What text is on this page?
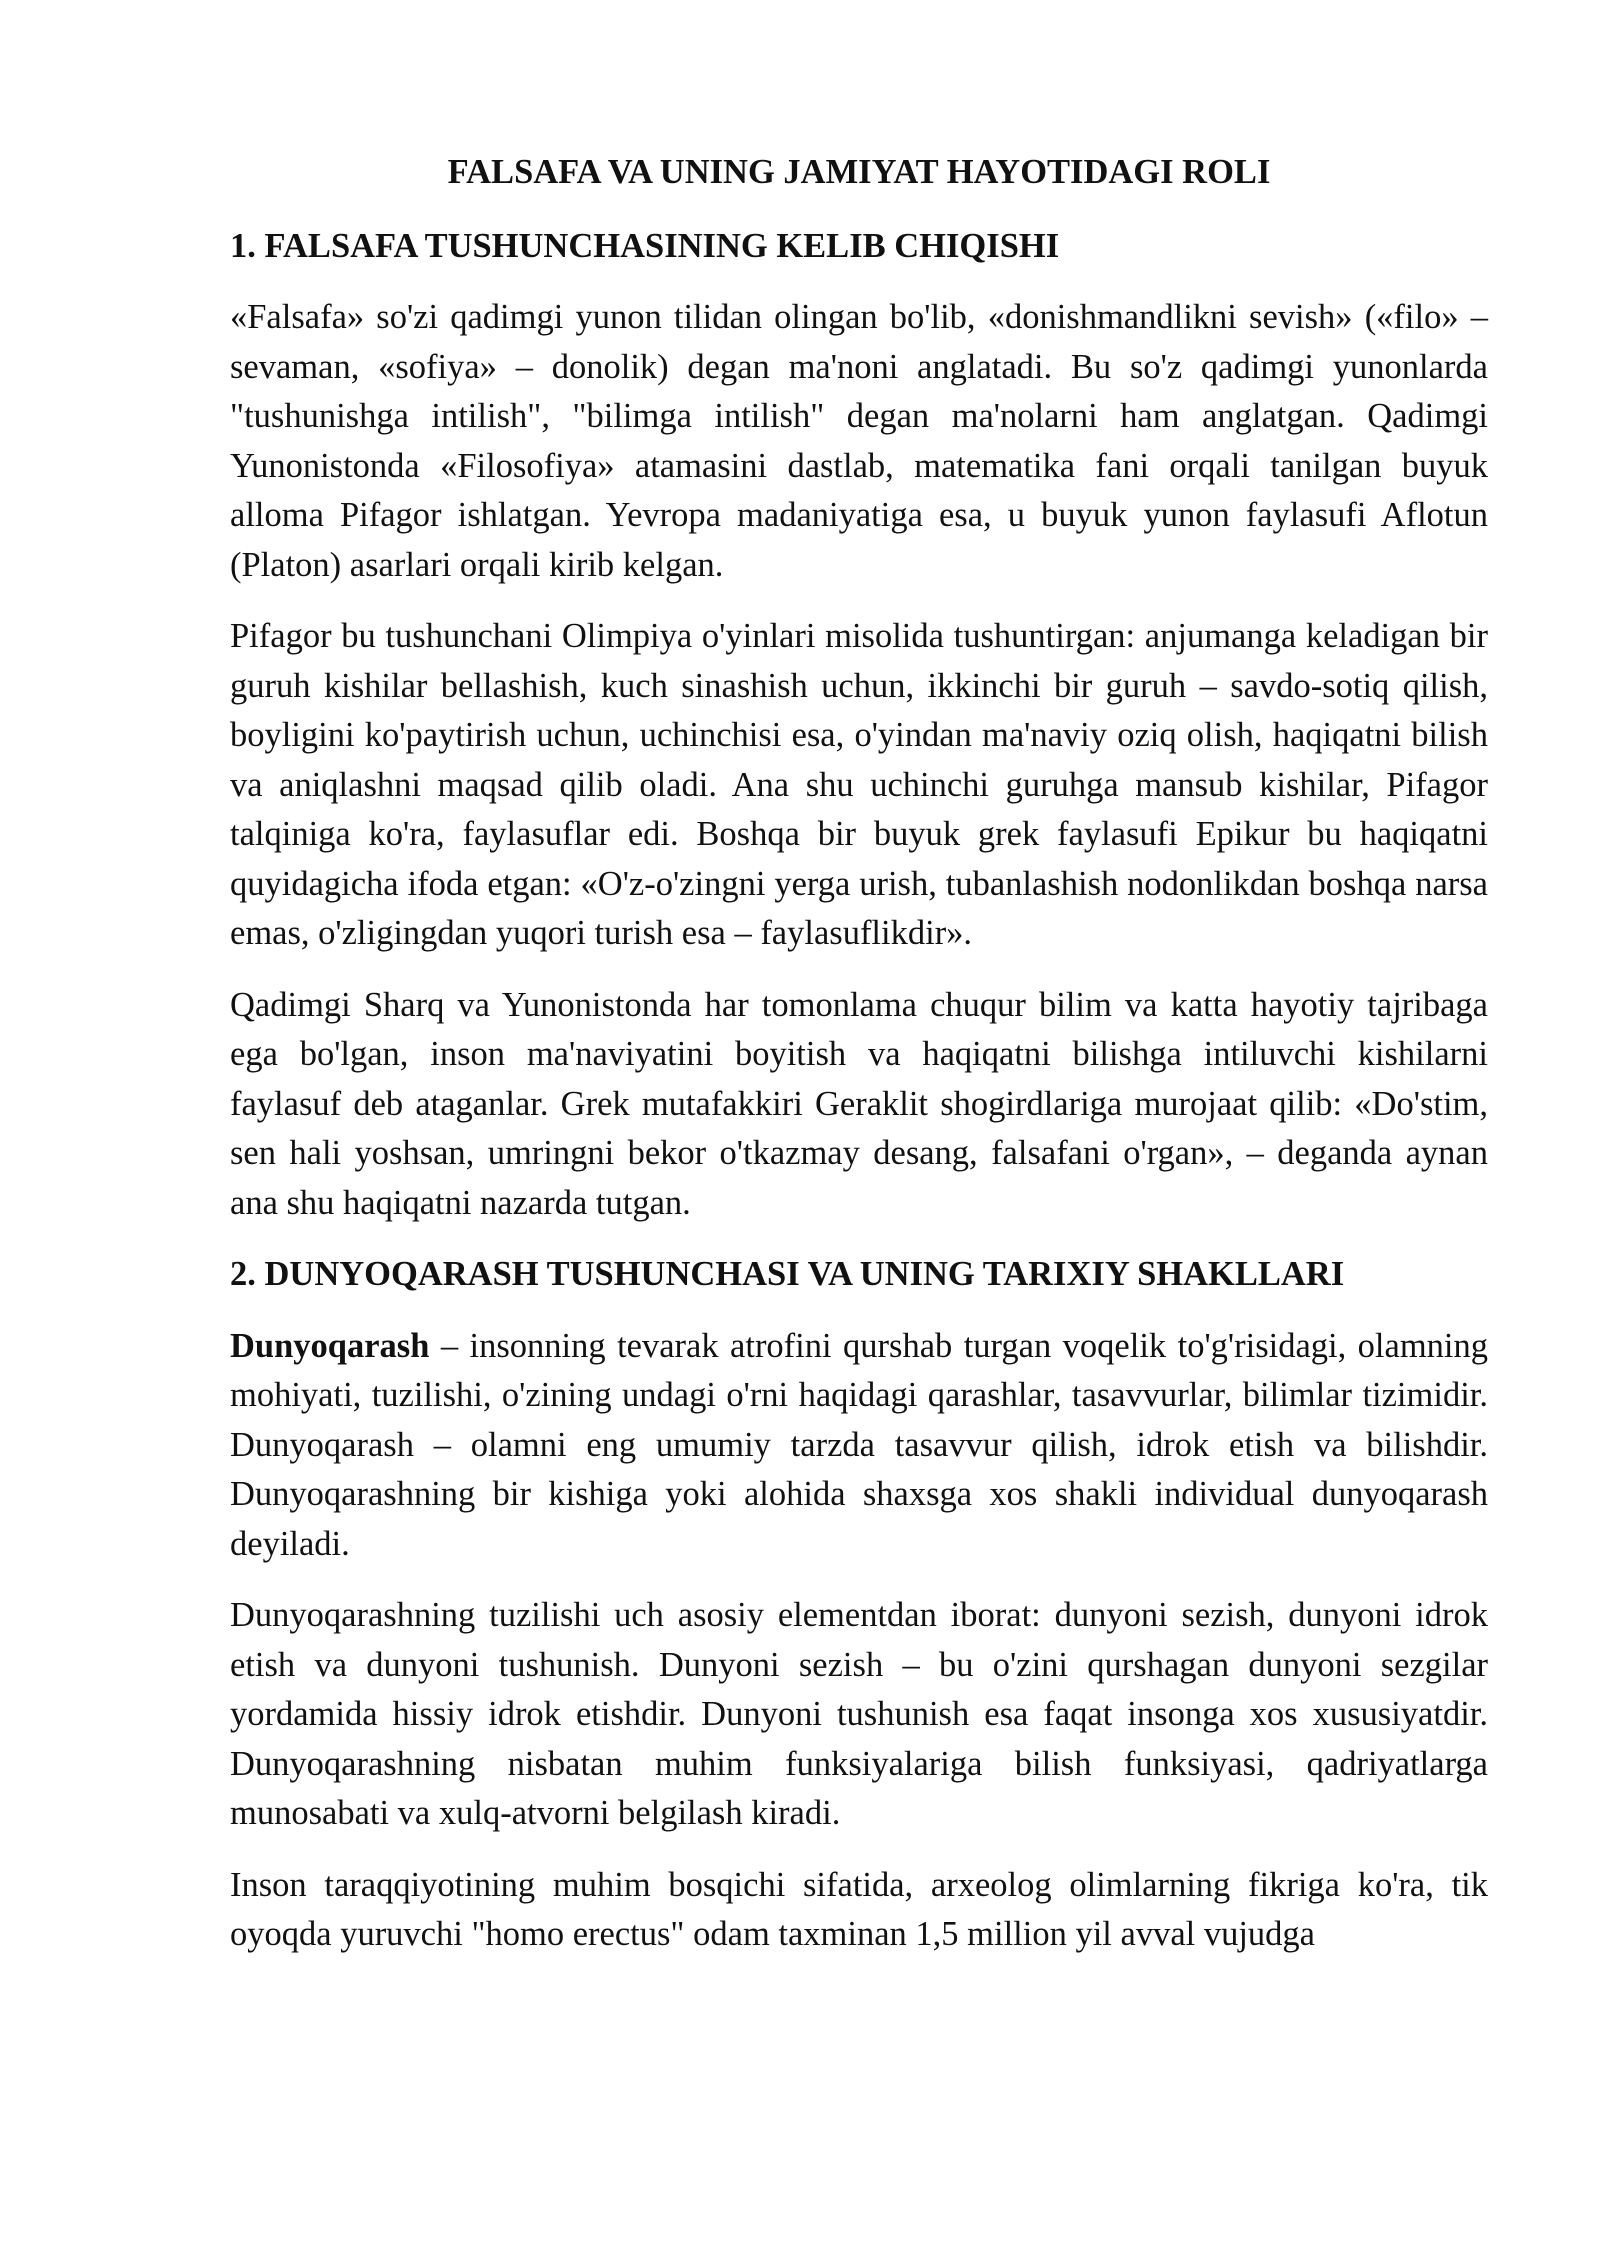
FALSAFA VA UNING JAMIYAT HAYOTIDAGI ROLI
1. FALSAFA TUSHUNCHASINING KELIB CHIQISHI

«Falsafa» so'zi qadimgi yunon tilidan olingan bo'lib, «donishmandlikni sevish» («filo» – sevaman, «sofiya» – donolik) degan ma'noni anglatadi. Bu so'z qadimgi yunonlarda "tushunishga intilish", "bilimga intilish" degan ma'nolarni ham anglatgan. Qadimgi Yunonistonda «Filosofiya» atamasini dastlab, matematika fani orqali tanilgan buyuk alloma Pifagor ishlatgan. Yevropa madaniyatiga esa, u buyuk yunon faylasufi Aflotun (Platon) asarlari orqali kirib kelgan.

Pifagor bu tushunchani Olimpiya o'yinlari misolida tushuntirgan: anjumanga keladigan bir guruh kishilar bellashish, kuch sinashish uchun, ikkinchi bir guruh – savdo-sotiq qilish, boyligini ko'paytirish uchun, uchinchisi esa, o'yindan ma'naviy oziq olish, haqiqatni bilish va aniqlashni maqsad qilib oladi. Ana shu uchinchi guruhga mansub kishilar, Pifagor talqiniga ko'ra, faylasuflar edi. Boshqa bir buyuk grek faylasufi Epikur bu haqiqatni quyidagicha ifoda etgan: «O'z-o'zingni yerga urish, tubanlashish nodonlikdan boshqa narsa emas, o'zligingdan yuqori turish esa – faylasuflikdir».

Qadimgi Sharq va Yunonistonda har tomonlama chuqur bilim va katta hayotiy tajribaga ega bo'lgan, inson ma'naviyatini boyitish va haqiqatni bilishga intiluvchi kishilarni faylasuf deb ataganlar. Grek mutafakkiri Geraklit shogirdlariga murojaat qilib: «Do'stim, sen hali yoshsan, umringni bekor o'tkazmay desang, falsafani o'rgan», – deganda aynan ana shu haqiqatni nazarda tutgan.

2. DUNYOQARASH TUSHUNCHASI VA UNING TARIXIY SHAKLLARI

Dunyoqarash – insonning tevarak atrofini qurshab turgan voqelik to'g'risidagi, olamning mohiyati, tuzilishi, o'zining undagi o'rni haqidagi qarashlar, tasavvurlar, bilimlar tizimidir. Dunyoqarash – olamni eng umumiy tarzda tasavvur qilish, idrok etish va bilishdir. Dunyoqarashning bir kishiga yoki alohida shaxsga xos shakli individual dunyoqarash deyiladi.

Dunyoqarashning tuzilishi uch asosiy elementdan iborat: dunyoni sezish, dunyoni idrok etish va dunyoni tushunish. Dunyoni sezish – bu o'zini qurshagan dunyoni sezgilar yordamida hissiy idrok etishdir. Dunyoni tushunish esa faqat insonga xos xususiyatdir. Dunyoqarashning nisbatan muhim funksiyalariga bilish funksiyasi, qadriyatlarga munosabati va xulq-atvorni belgilash kiradi.

Inson taraqqiyotining muhim bosqichi sifatida, arxeolog olimlarning fikriga ko'ra, tik oyoqda yuruvchi "homo erectus" odam taxminan 1,5 million yil avval vujudga
